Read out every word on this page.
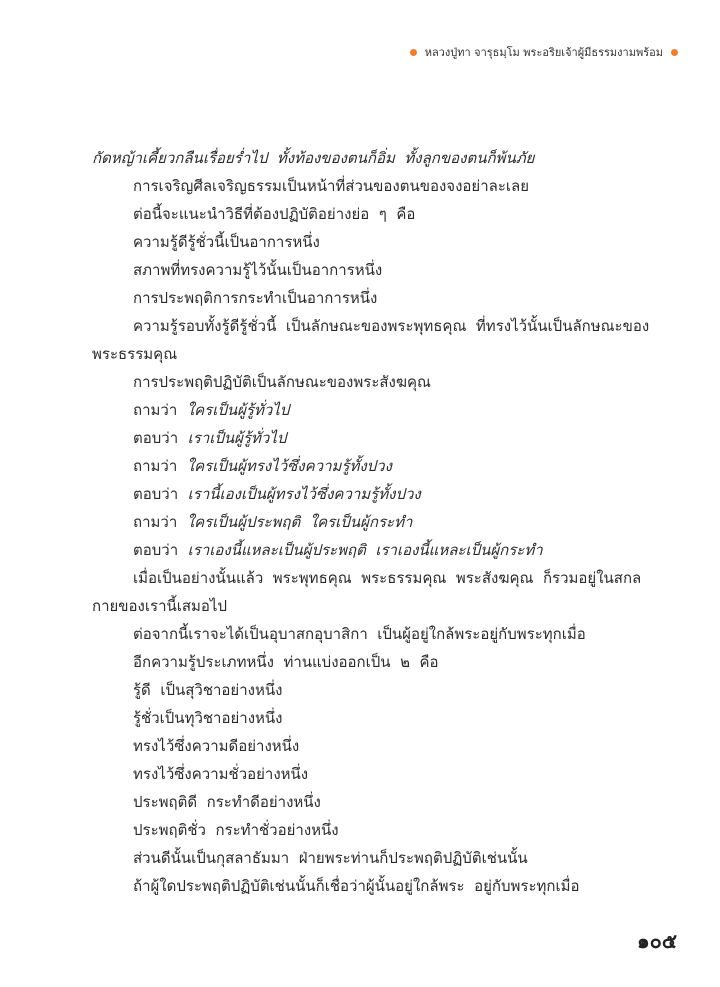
หลวงปู่ทา จารุธมฺโม พระอริยเจ้าผู้มีธรรมงามพร้อม
กัดหญ้าเคี้ยวกลืนเรื่อยร่ำไป  ทั้งท้องของตนก็อิ่ม  ทั้งลูกของตนก็พ้นภัย
การเจริญศีลเจริญธรรมเป็นหน้าที่ส่วนของตนของจงอย่าละเลย
ต่อนี้จะแนะนำวิธีที่ต้องปฏิบัติอย่างย่อ  ๆ  คือ
ความรู้ดีรู้ชั่วนี้เป็นอาการหนึ่ง
สภาพที่ทรงความรู้ไว้นั้นเป็นอาการหนึ่ง
การประพฤติการกระทำเป็นอาการหนึ่ง
ความรู้รอบทั้งรู้ดีรู้ชั่วนี้  เป็นลักษณะของพระพุทธคุณ  ที่ทรงไว้นั้นเป็นลักษณะของ
พระธรรมคุณ
การประพฤติปฏิบัติเป็นลักษณะของพระสังฆคุณ
ถามว่า  ใครเป็นผู้รู้ทั่วไป
ตอบว่า  เราเป็นผู้รู้ทั่วไป
ถามว่า  ใครเป็นผู้ทรงไว้ซึ่งความรู้ทั้งปวง
ตอบว่า  เรานี้เองเป็นผู้ทรงไว้ซึ่งความรู้ทั้งปวง
ถามว่า  ใครเป็นผู้ประพฤติ  ใครเป็นผู้กระทำ
ตอบว่า  เราเองนี้แหละเป็นผู้ประพฤติ  เราเองนี้แหละเป็นผู้กระทำ
เมื่อเป็นอย่างนั้นแล้ว  พระพุทธคุณ  พระธรรมคุณ  พระสังฆคุณ  ก็รวมอยู่ในสกล
กายของเรานี้เสมอไป
ต่อจากนี้เราจะได้เป็นอุบาสกอุบาสิกา  เป็นผู้อยู่ใกล้พระอยู่กับพระทุกเมื่อ
อีกความรู้ประเภทหนึ่ง  ท่านแบ่งออกเป็น  ๒  คือ
รู้ดี  เป็นสุวิชาอย่างหนึ่ง
รู้ชั่วเป็นทุวิชาอย่างหนึ่ง
ทรงไว้ซึ่งความดีอย่างหนึ่ง
ทรงไว้ซึ่งความชั่วอย่างหนึ่ง
ประพฤติดี  กระทำดีอย่างหนึ่ง
ประพฤติชั่ว  กระทำชั่วอย่างหนึ่ง
ส่วนดีนั้นเป็นกุสลาธัมมา  ฝ่ายพระท่านก็ประพฤติปฏิบัติเช่นนั้น
ถ้าผู้ใดประพฤติปฏิบัติเช่นนั้นก็เชื่อว่าผู้นั้นอยู่ใกล้พระ  อยู่กับพระทุกเมื่อ
๑๐๕
